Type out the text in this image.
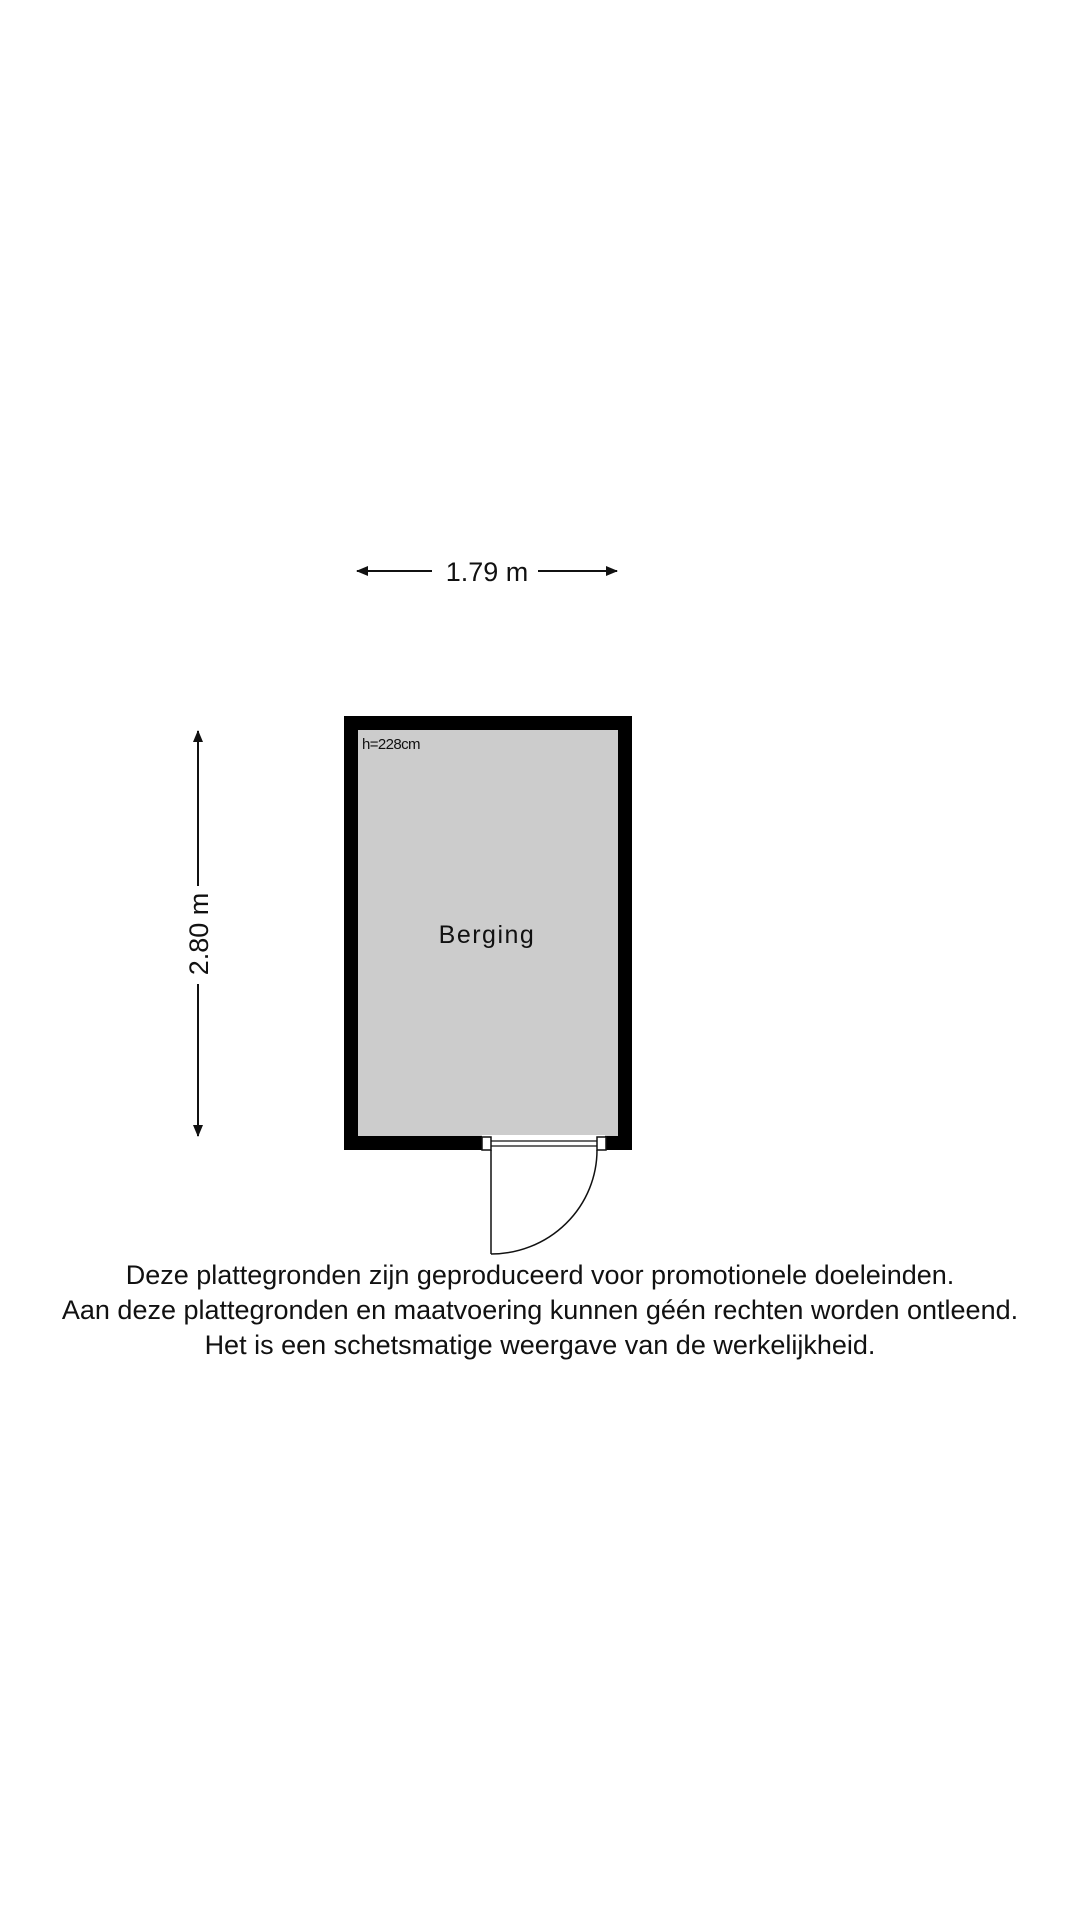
1.79 m
2.80 m
h=228cm
Berging
Deze plattegronden zijn geproduceerd voor promotionele doeleinden.
Aan deze plattegronden en maatvoering kunnen géén rechten worden ontleend.
Het is een schetsmatige weergave van de werkelijkheid.
